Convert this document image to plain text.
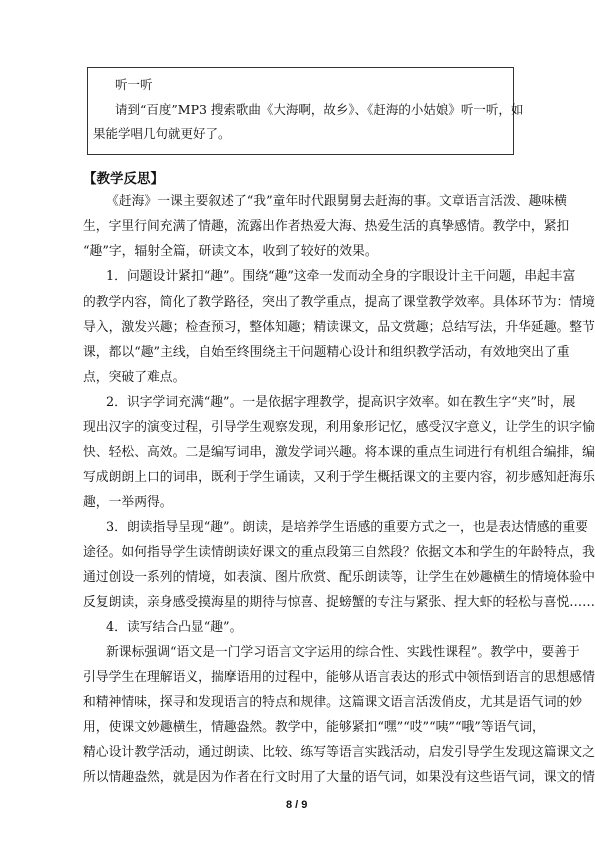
听一听
请到“百度”MP3 搜索歌曲《大海啊，故乡》、《赶海的小姑娘》听一听，如
果能学唱几句就更好了。
【教学反思】
《赶海》一课主要叙述了“我”童年时代跟舅舅去赶海的事。文章语言活泼、趣味横
生，字里行间充满了情趣，流露出作者热爱大海、热爱生活的真挚感情。教学中，紧扣
“趣”字，辐射全篇，研读文本，收到了较好的效果。
1．问题设计紧扣“趣”。围绕“趣”这牵一发而动全身的字眼设计主干问题，串起丰富
的教学内容，简化了教学路径，突出了教学重点，提高了课堂教学效率。具体环节为：情境
导入，激发兴趣；检查预习，整体知趣；精读课文，品文赏趣；总结写法，升华延趣。整节
课，都以“趣”主线，自始至终围绕主干问题精心设计和组织教学活动，有效地突出了重
点，突破了难点。
2．识字学词充满“趣”。一是依据字理教学，提高识字效率。如在教生字“夹”时，展
现出汉字的演变过程，引导学生观察发现，利用象形记忆，感受汉字意义，让学生的识字愉
快、轻松、高效。二是编写词串，激发学词兴趣。将本课的重点生词进行有机组合编排，编
写成朗朗上口的词串，既利于学生诵读，又利于学生概括课文的主要内容，初步感知赶海乐
趣，一举两得。
3．朗读指导呈现“趣”。朗读，是培养学生语感的重要方式之一，也是表达情感的重要
途径。如何指导学生读情朗读好课文的重点段第三自然段？依据文本和学生的年龄特点，我
通过创设一系列的情境，如表演、图片欣赏、配乐朗读等，让学生在妙趣横生的情境体验中
反复朗读，亲身感受摸海星的期待与惊喜、捉螃蟹的专注与紧张、捏大虾的轻松与喜悦……
4．读写结合凸显“趣”。
新课标强调“语文是一门学习语言文字运用的综合性、实践性课程”。教学中，要善于
引导学生在理解语义，揣摩语用的过程中，能够从语言表达的形式中领悟到语言的思想感情
和精神情味，探寻和发现语言的特点和规律。这篇课文语言活泼俏皮，尤其是语气词的妙
用，使课文妙趣横生，情趣盎然。教学中，能够紧扣“嘿”“哎”“咦”“哦”等语气词，
精心设计教学活动，通过朗读、比较、练写等语言实践活动，启发引导学生发现这篇课文之
所以情趣盎然，就是因为作者在行文时用了大量的语气词，如果没有这些语气词，课文的情
8 / 9
